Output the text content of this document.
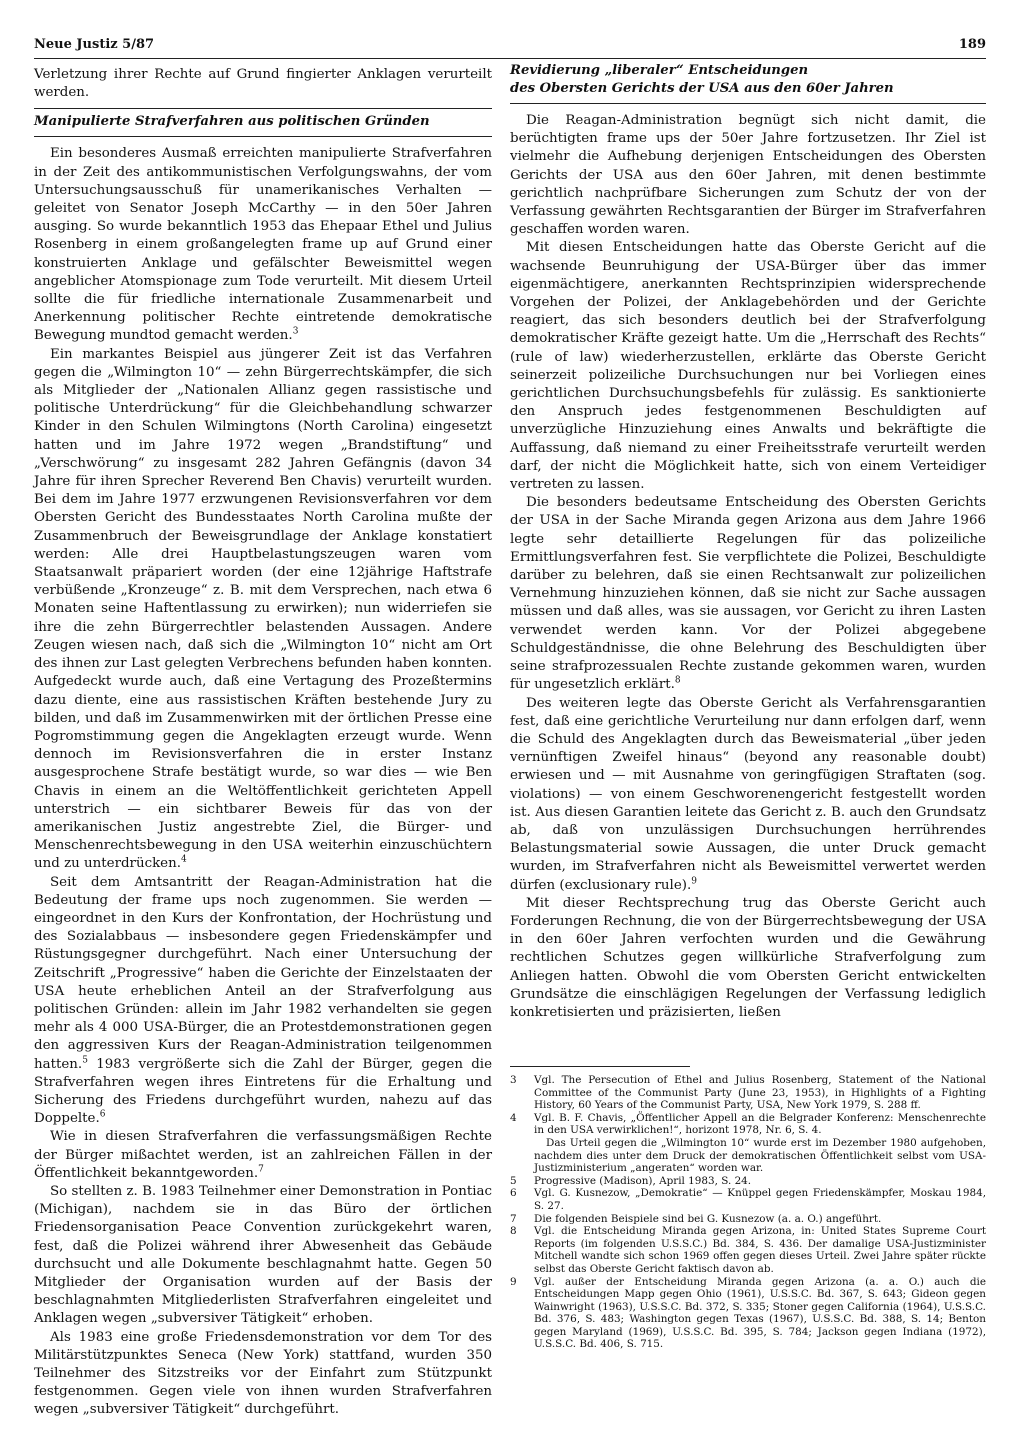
Neue Justiz 5/87	189

Verletzung ihrer Rechte auf Grund fingierter Anklagen verurteilt werden.

Manipulierte Strafverfahren aus politischen Gründen

Ein besonderes Ausmaß erreichten manipulierte Strafverfahren in der Zeit des antikommunistischen Verfolgungswahns, der vom Untersuchungsausschuß für unamerikanisches Verhalten — geleitet von Senator Joseph McCarthy — in den 50er Jahren ausging. So wurde bekanntlich 1953 das Ehepaar Ethel und Julius Rosenberg in einem großangelegten frame up auf Grund einer konstruierten Anklage und gefälschter Beweismittel wegen angeblicher Atomspionage zum Tode verurteilt. Mit diesem Urteil sollte die für friedliche internationale Zusammenarbeit und Anerkennung politischer Rechte eintretende demokratische Bewegung mundtod gemacht werden.$^3$

Ein markantes Beispiel aus jüngerer Zeit ist das Verfahren gegen die „Wilmington 10“ — zehn Bürgerrechtskämpfer, die sich als Mitglieder der „Nationalen Allianz gegen rassistische und politische Unterdrückung“ für die Gleichbehandlung schwarzer Kinder in den Schulen Wilmingtons (North Carolina) eingesetzt hatten und im Jahre 1972 wegen „Brandstiftung“ und „Verschwörung“ zu insgesamt 282 Jahren Gefängnis (davon 34 Jahre für ihren Sprecher Reverend Ben Chavis) verurteilt wurden. Bei dem im Jahre 1977 erzwungenen Revisionsverfahren vor dem Obersten Gericht des Bundesstaates North Carolina mußte der Zusammenbruch der Beweisgrundlage der Anklage konstatiert werden: Alle drei Hauptbelastungszeugen waren vom Staatsanwalt präpariert worden (der eine 12jährige Haftstrafe verbüßende „Kronzeuge“ z. B. mit dem Versprechen, nach etwa 6 Monaten seine Haftentlassung zu erwirken); nun widerriefen sie ihre die zehn Bürgerrechtler belastenden Aussagen. Andere Zeugen wiesen nach, daß sich die „Wilmington 10“ nicht am Ort des ihnen zur Last gelegten Verbrechens befunden haben konnten. Aufgedeckt wurde auch, daß eine Vertagung des Prozeßtermins dazu diente, eine aus rassistischen Kräften bestehende Jury zu bilden, und daß im Zusammenwirken mit der örtlichen Presse eine Pogromstimmung gegen die Angeklagten erzeugt wurde. Wenn dennoch im Revisionsverfahren die in erster Instanz ausgesprochene Strafe bestätigt wurde, so war dies — wie Ben Chavis in einem an die Weltöffentlichkeit gerichteten Appell unterstrich — ein sichtbarer Beweis für das von der amerikanischen Justiz angestrebte Ziel, die Bürger- und Menschenrechtsbewegung in den USA weiterhin einzuschüchtern und zu unterdrücken.$^4$

Seit dem Amtsantritt der Reagan-Administration hat die Bedeutung der frame ups noch zugenommen. Sie werden — eingeordnet in den Kurs der Konfrontation, der Hochrüstung und des Sozialabbaus — insbesondere gegen Friedenskämpfer und Rüstungsgegner durchgeführt. Nach einer Untersuchung der Zeitschrift „Progressive“ haben die Gerichte der Einzelstaaten der USA heute erheblichen Anteil an der Strafverfolgung aus politischen Gründen: allein im Jahr 1982 verhandelten sie gegen mehr als 4 000 USA-Bürger, die an Protestdemonstrationen gegen den aggressiven Kurs der Reagan-Administration teilgenommen hatten.$^5$ 1983 vergrößerte sich die Zahl der Bürger, gegen die Strafverfahren wegen ihres Eintretens für die Erhaltung und Sicherung des Friedens durchgeführt wurden, nahezu auf das Doppelte.$^6$

Wie in diesen Strafverfahren die verfassungsmäßigen Rechte der Bürger mißachtet werden, ist an zahlreichen Fällen in der Öffentlichkeit bekanntgeworden.$^7$

So stellten z. B. 1983 Teilnehmer einer Demonstration in Pontiac (Michigan), nachdem sie in das Büro der örtlichen Friedensorganisation Peace Convention zurückgekehrt waren, fest, daß die Polizei während ihrer Abwesenheit das Gebäude durchsucht und alle Dokumente beschlagnahmt hatte. Gegen 50 Mitglieder der Organisation wurden auf der Basis der beschlagnahmten Mitgliederlisten Strafverfahren eingeleitet und Anklagen wegen „subversiver Tätigkeit“ erhoben.

Als 1983 eine große Friedensdemonstration vor dem Tor des Militärstützpunktes Seneca (New York) stattfand, wurden 350 Teilnehmer des Sitzstreiks vor der Einfahrt zum Stützpunkt festgenommen. Gegen viele von ihnen wurden Strafverfahren wegen „subversiver Tätigkeit“ durchgeführt.

Revidierung „liberaler“ Entscheidungen
des Obersten Gerichts der USA aus den 60er Jahren

Die Reagan-Administration begnügt sich nicht damit, die berüchtigten frame ups der 50er Jahre fortzusetzen. Ihr Ziel ist vielmehr die Aufhebung derjenigen Entscheidungen des Obersten Gerichts der USA aus den 60er Jahren, mit denen bestimmte gerichtlich nachprüfbare Sicherungen zum Schutz der von der Verfassung gewährten Rechtsgarantien der Bürger im Strafverfahren geschaffen worden waren.

Mit diesen Entscheidungen hatte das Oberste Gericht auf die wachsende Beunruhigung der USA-Bürger über das immer eigenmächtigere, anerkannten Rechtsprinzipien widersprechende Vorgehen der Polizei, der Anklagebehörden und der Gerichte reagiert, das sich besonders deutlich bei der Strafverfolgung demokratischer Kräfte gezeigt hatte. Um die „Herrschaft des Rechts“ (rule of law) wiederherzustellen, erklärte das Oberste Gericht seinerzeit polizeiliche Durchsuchungen nur bei Vorliegen eines gerichtlichen Durchsuchungsbefehls für zulässig. Es sanktionierte den Anspruch jedes festgenommenen Beschuldigten auf unverzügliche Hinzuziehung eines Anwalts und bekräftigte die Auffassung, daß niemand zu einer Freiheitsstrafe verurteilt werden darf, der nicht die Möglichkeit hatte, sich von einem Verteidiger vertreten zu lassen.

Die besonders bedeutsame Entscheidung des Obersten Gerichts der USA in der Sache Miranda gegen Arizona aus dem Jahre 1966 legte sehr detaillierte Regelungen für das polizeiliche Ermittlungsverfahren fest. Sie verpflichtete die Polizei, Beschuldigte darüber zu belehren, daß sie einen Rechtsanwalt zur polizeilichen Vernehmung hinzuziehen können, daß sie nicht zur Sache aussagen müssen und daß alles, was sie aussagen, vor Gericht zu ihren Lasten verwendet werden kann. Vor der Polizei abgegebene Schuldgeständnisse, die ohne Belehrung des Beschuldigten über seine strafprozessualen Rechte zustande gekommen waren, wurden für ungesetzlich erklärt.$^8$

Des weiteren legte das Oberste Gericht als Verfahrensgarantien fest, daß eine gerichtliche Verurteilung nur dann erfolgen darf, wenn die Schuld des Angeklagten durch das Beweismaterial „über jeden vernünftigen Zweifel hinaus“ (beyond any reasonable doubt) erwiesen und — mit Ausnahme von geringfügigen Straftaten (sog. violations) — von einem Geschworenengericht festgestellt worden ist. Aus diesen Garantien leitete das Gericht z. B. auch den Grundsatz ab, daß von unzulässigen Durchsuchungen herrührendes Belastungsmaterial sowie Aussagen, die unter Druck gemacht wurden, im Strafverfahren nicht als Beweismittel verwertet werden dürfen (exclusionary rule).$^9$

Mit dieser Rechtsprechung trug das Oberste Gericht auch Forderungen Rechnung, die von der Bürgerrechtsbewegung der USA in den 60er Jahren verfochten wurden und die Gewährung rechtlichen Schutzes gegen willkürliche Strafverfolgung zum Anliegen hatten. Obwohl die vom Obersten Gericht entwickelten Grundsätze die einschlägigen Regelungen der Verfassung lediglich konkretisierten und präzisierten, ließen

3	Vgl. The Persecution of Ethel and Julius Rosenberg, Statement of the National Committee of the Communist Party (June 23, 1953), in Highlights of a Fighting History, 60 Years of the Communist Party, USA, New York 1979, S. 288 ff.
4	Vgl. B. F. Chavis, „Öffentlicher Appell an die Belgrader Konferenz: Menschenrechte in den USA verwirklichen!“, horizont 1978, Nr. 6, S. 4.

Das Urteil gegen die „Wilmington 10“ wurde erst im Dezember 1980 aufgehoben, nachdem dies unter dem Druck der demokratischen Öffentlichkeit selbst vom USA-Justizministerium „angeraten“ worden war.

5	Progressive (Madison), April 1983, S. 24.
6	Vgl. G. Kusnezow, „Demokratie“ — Knüppel gegen Friedenskämpfer, Moskau 1984, S. 27.
7	Die folgenden Beispiele sind bei G. Kusnezow (a. a. O.) angeführt.
8	Vgl. die Entscheidung Miranda gegen Arizona, in: United States Supreme Court Reports (im folgenden U.S.S.C.) Bd. 384, S. 436. Der damalige USA-Justizminister Mitchell wandte sich schon 1969 offen gegen dieses Urteil. Zwei Jahre später rückte selbst das Oberste Gericht faktisch davon ab.
9	Vgl. außer der Entscheidung Miranda gegen Arizona (a. a. O.) auch die Entscheidungen Mapp gegen Ohio (1961), U.S.S.C. Bd. 367, S. 643; Gideon gegen Wainwright (1963), U.S.S.C. Bd. 372, S. 335; Stoner gegen California (1964), U.S.S.C. Bd. 376, S. 483; Washington gegen Texas (1967), U.S.S.C. Bd. 388, S. 14; Benton gegen Maryland (1969), U.S.S.C. Bd. 395, S. 784; Jackson gegen Indiana (1972), U.S.S.C. Bd. 406, S. 715.
